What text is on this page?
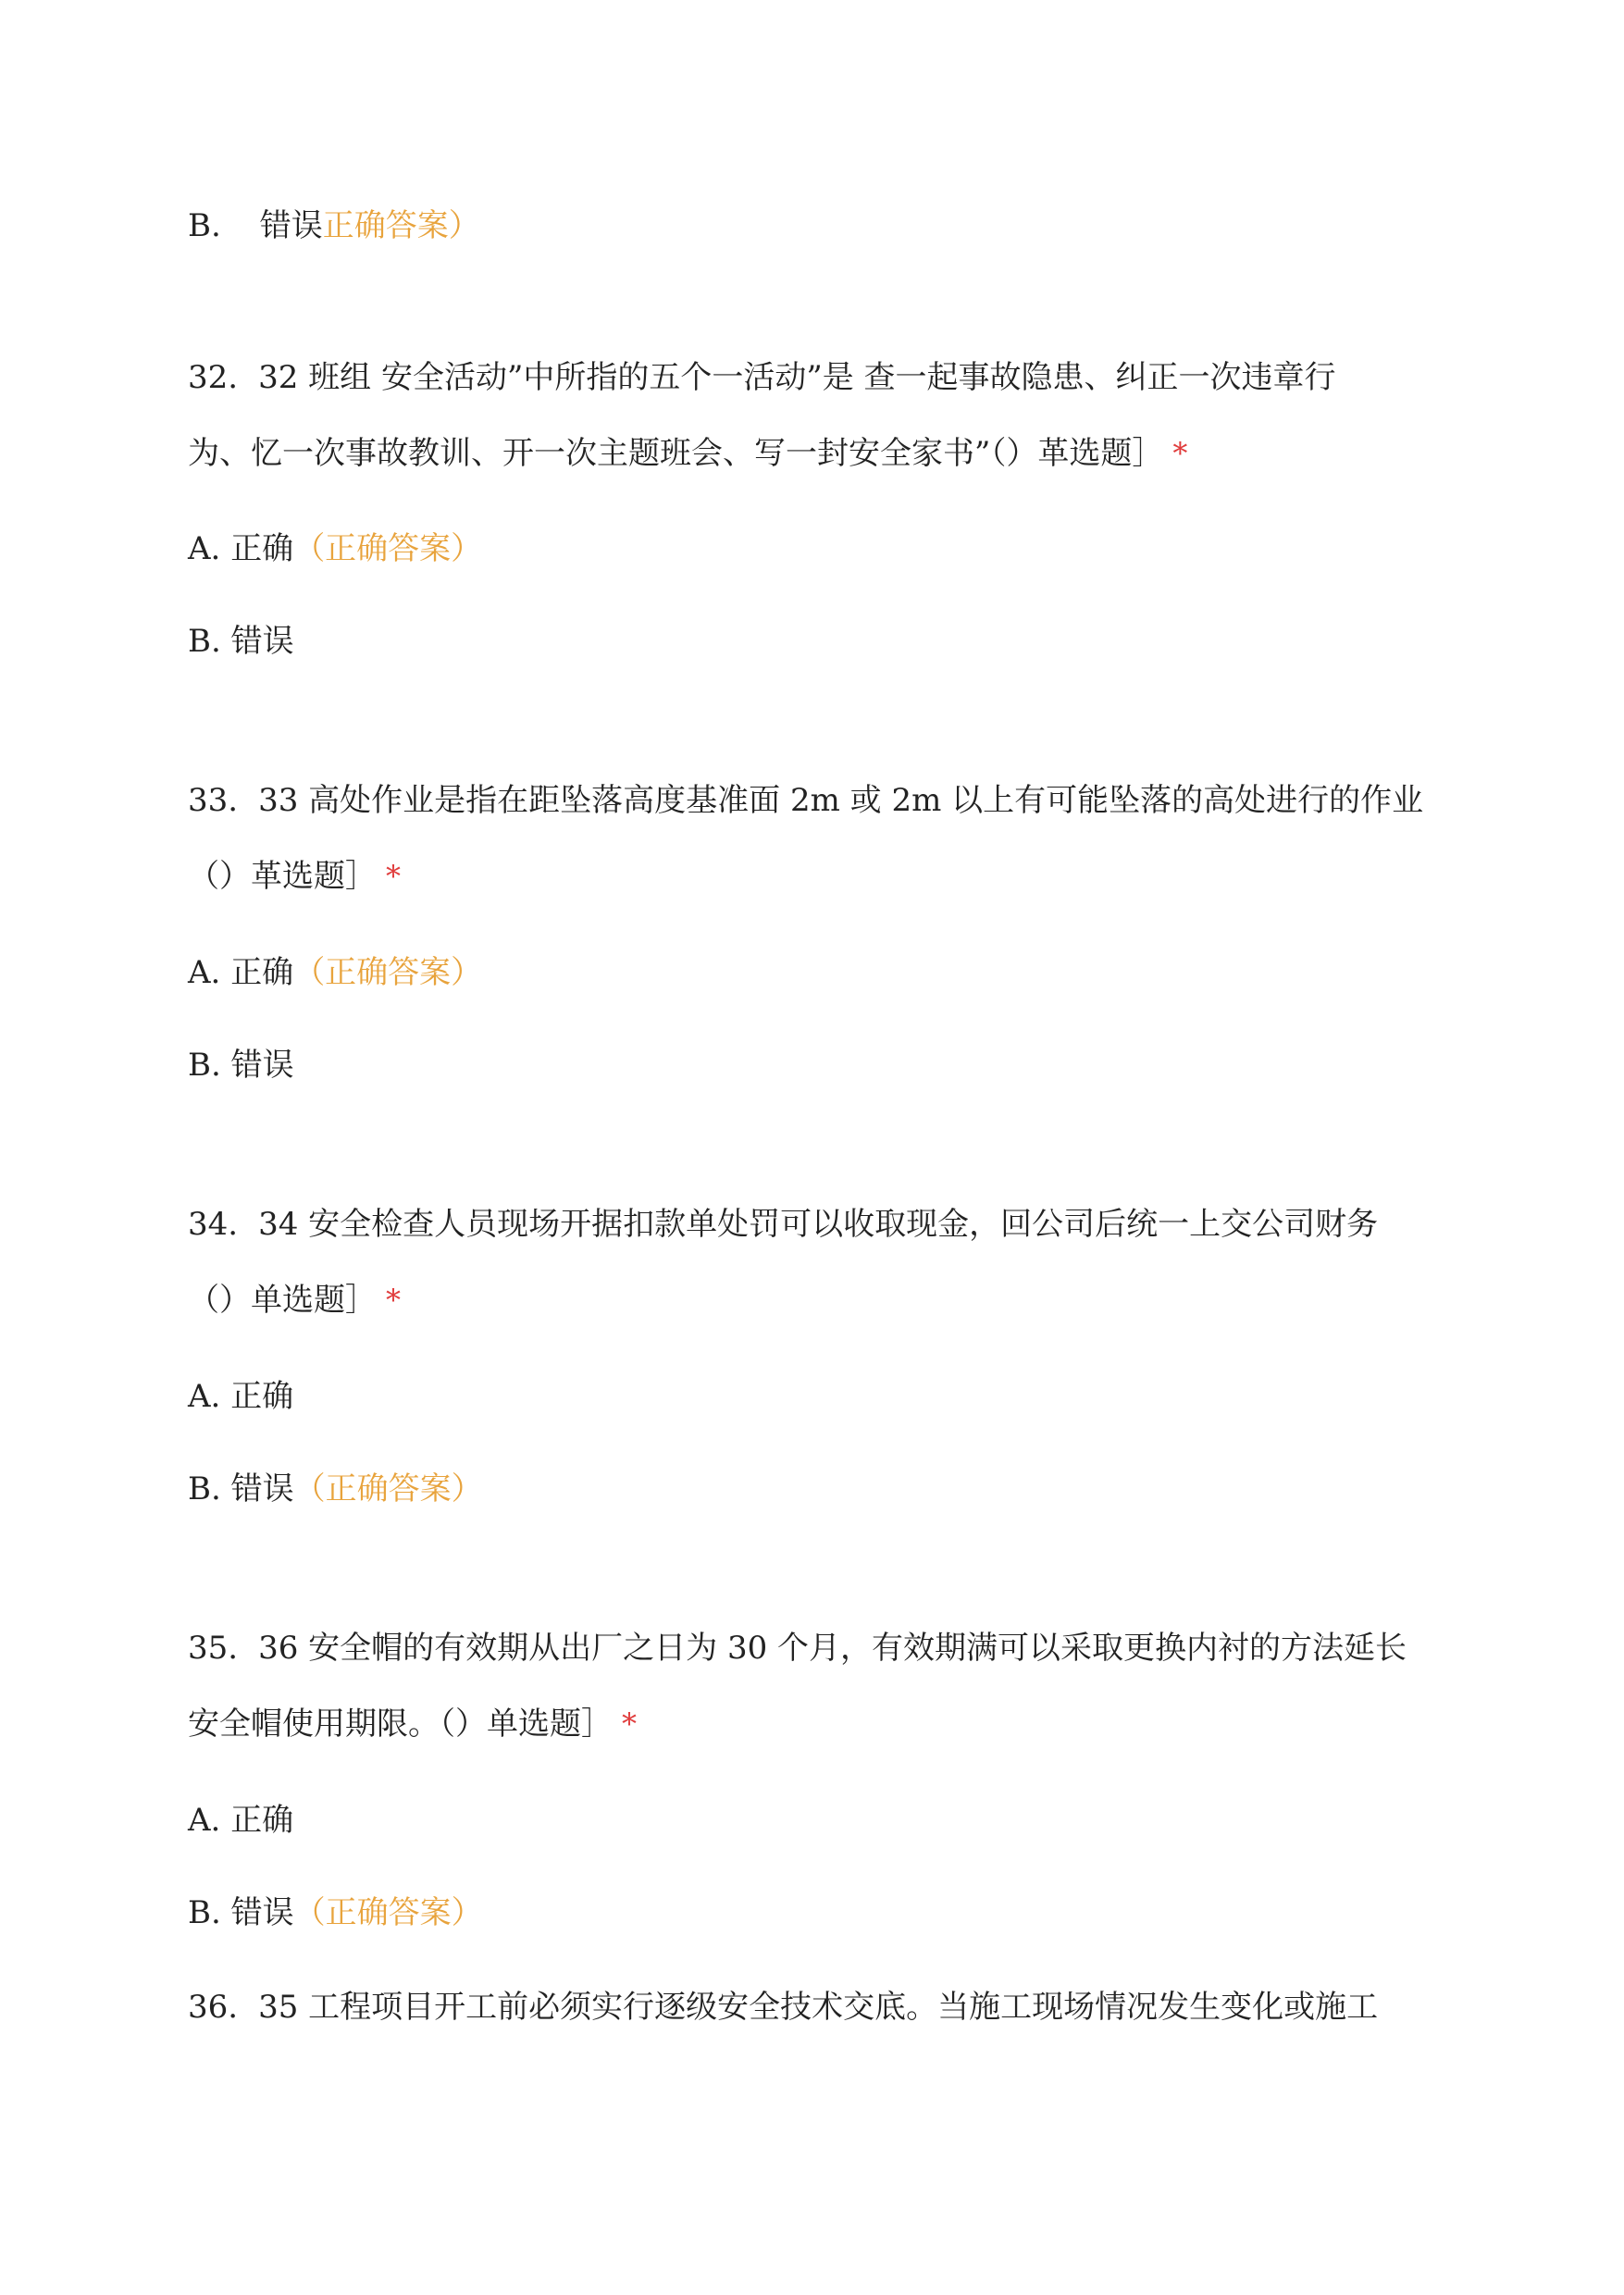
B. 错误正确答案）
32. 32 班组 安全活动”中所指的五个一活动”是 查一起事故隐患、纠正一次违章行
为、忆一次事故教训、开一次主题班会、写一封安全家书”（）革选题］ *
A. 正确（正确答案）
B. 错误
33. 33 高处作业是指在距坠落高度基准面 2m 或 2m 以上有可能坠落的高处进行的作业
（）革选题］ *
A. 正确（正确答案）
B. 错误
34. 34 安全检查人员现场开据扣款单处罚可以收取现金，回公司后统一上交公司财务
（）单选题］ *
A. 正确
B. 错误（正确答案）
35. 36 安全帽的有效期从出厂之日为 30 个月，有效期满可以采取更换内衬的方法延长
安全帽使用期限。（）单选题］ *
A. 正确
B. 错误（正确答案）
36. 35 工程项目开工前必须实行逐级安全技术交底。当施工现场情况发生变化或施工
